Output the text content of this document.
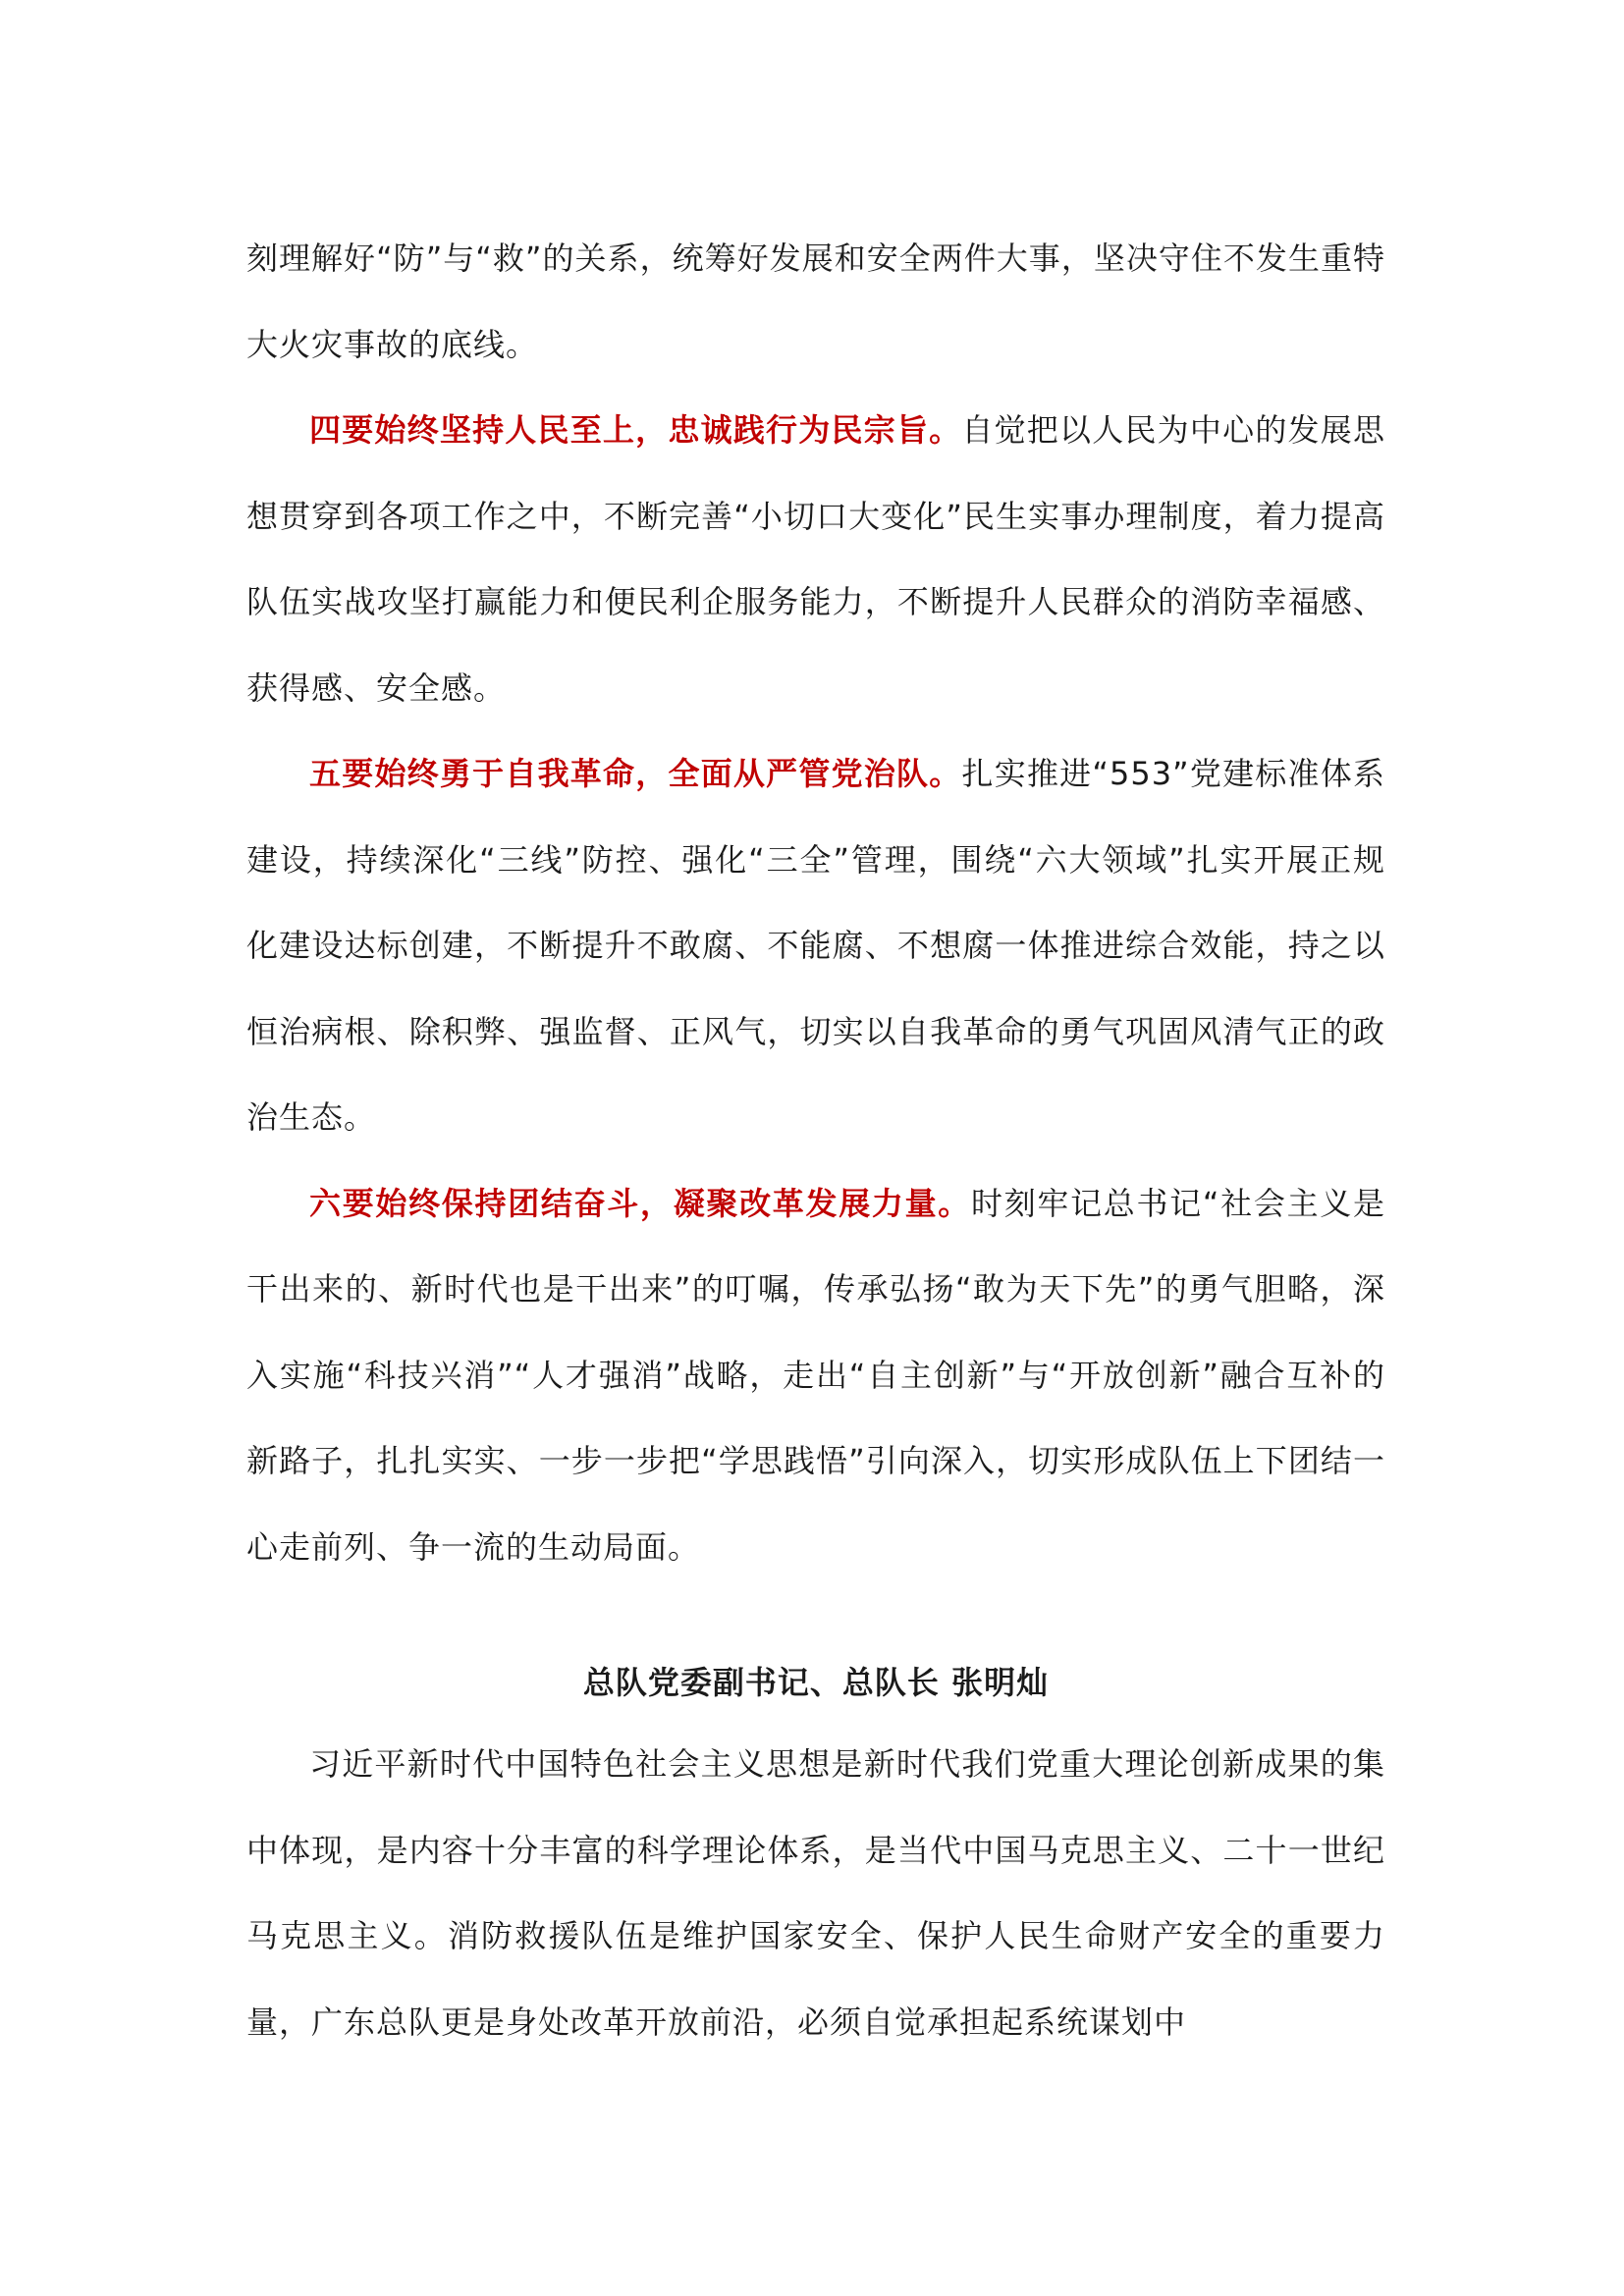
刻理解好“防”与“救”的关系，统筹好发展和安全两件大事，坚决守住不发生重特大火灾事故的底线。

四要始终坚持人民至上，忠诚践行为民宗旨。自觉把以人民为中心的发展思想贯穿到各项工作之中，不断完善“小切口大变化”民生实事办理制度，着力提高队伍实战攻坚打赢能力和便民利企服务能力，不断提升人民群众的消防幸福感、获得感、安全感。

五要始终勇于自我革命，全面从严管党治队。扎实推进“553”党建标准体系建设，持续深化“三线”防控、强化“三全”管理，围绕“六大领域”扎实开展正规化建设达标创建，不断提升不敢腐、不能腐、不想腐一体推进综合效能，持之以恒治病根、除积弊、强监督、正风气，切实以自我革命的勇气巩固风清气正的政治生态。

六要始终保持团结奋斗，凝聚改革发展力量。时刻牢记总书记“社会主义是干出来的、新时代也是干出来”的叮嘱，传承弘扬“敢为天下先”的勇气胆略，深入实施“科技兴消”“人才强消”战略，走出“自主创新”与“开放创新”融合互补的新路子，扎扎实实、一步一步把“学思践悟”引向深入，切实形成队伍上下团结一心走前列、争一流的生动局面。

总队党委副书记、总队长 张明灿

习近平新时代中国特色社会主义思想是新时代我们党重大理论创新成果的集中体现，是内容十分丰富的科学理论体系，是当代中国马克思主义、二十一世纪马克思主义。消防救援队伍是维护国家安全、保护人民生命财产安全的重要力量，广东总队更是身处改革开放前沿，必须自觉承担起系统谋划中
